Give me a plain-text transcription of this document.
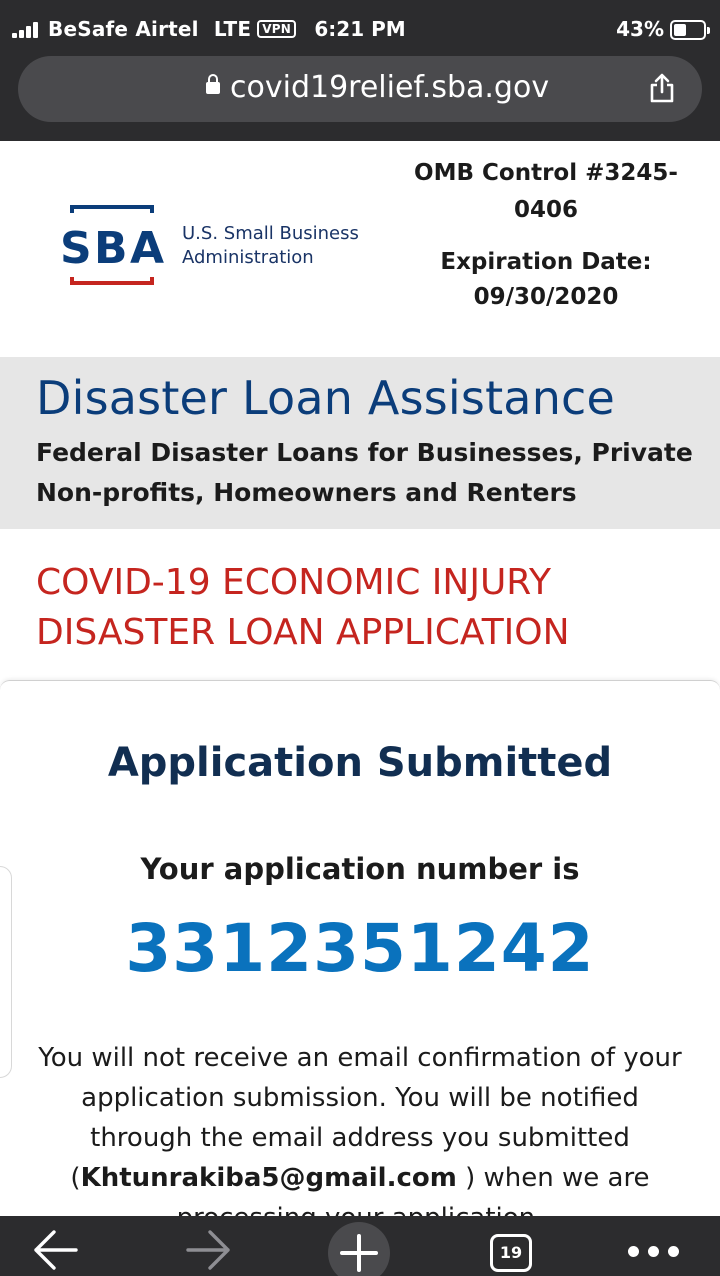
BeSafe Airtel LTE VPN	6:21 PM	43%
covid19relief.sba.gov
SBA U.S. Small Business
Administration
OMB Control #3245-
0406
Expiration Date:
09/30/2020
Disaster Loan Assistance
Federal Disaster Loans for Businesses, Private Non-profits, Homeowners and Renters
COVID-19 ECONOMIC INJURY
DISASTER LOAN APPLICATION
Application Submitted
Your application number is
3312351242
You will not receive an email confirmation of your application submission. You will be notified through the email address you submitted (Khtunrakiba5@gmail.com ) when we are
19
